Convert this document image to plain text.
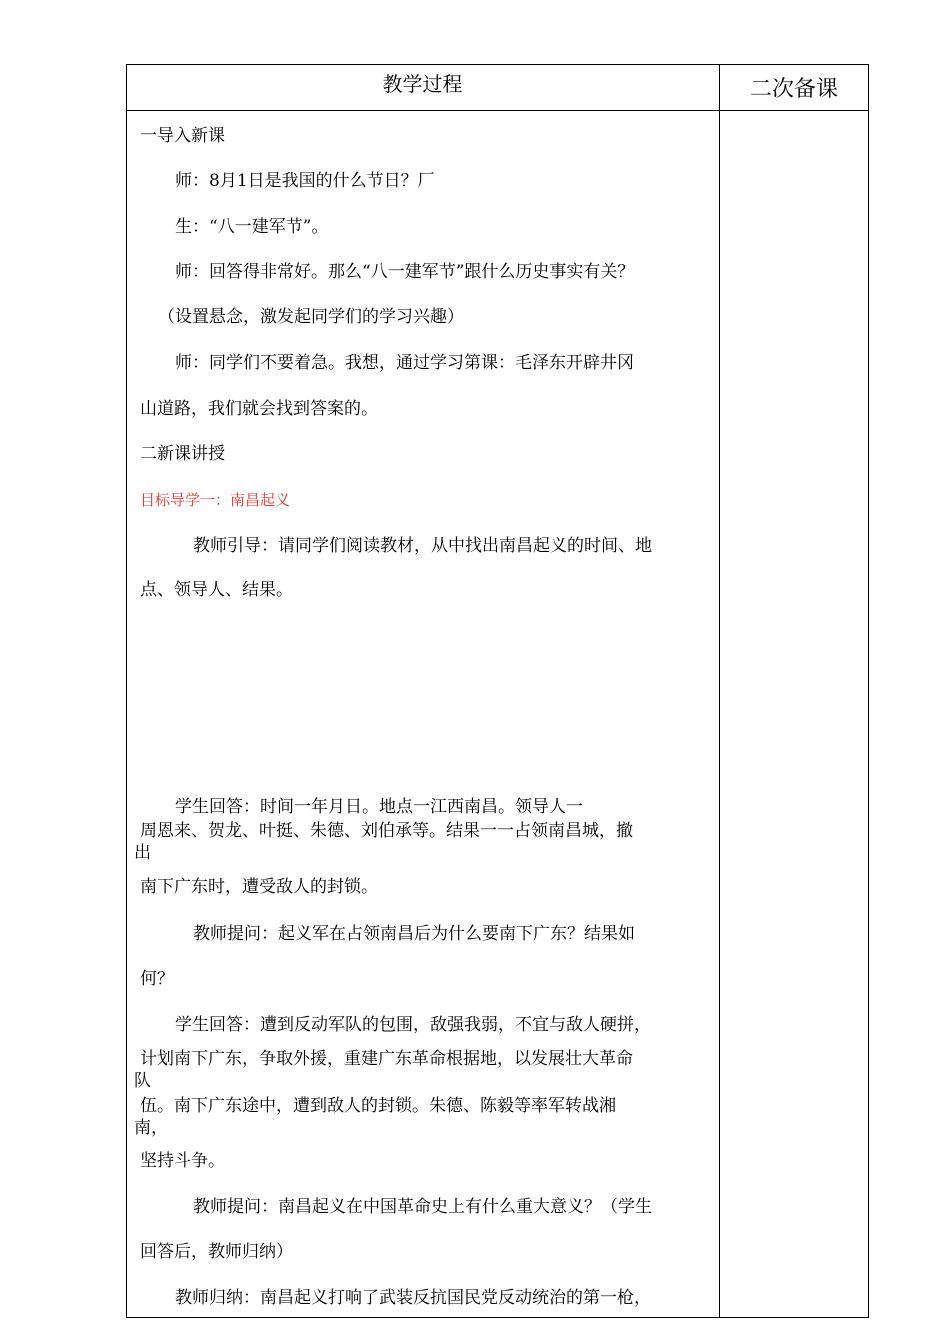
教学过程	二次备课
一导入新课
师：8月1日是我国的什么节日？厂
生：“八一建军节”。
师：回答得非常好。那么“八一建军节”跟什么历史事实有关？
（设置悬念，激发起同学们的学习兴趣）
师：同学们不要着急。我想，通过学习第课：毛泽东开辟井冈
山道路，我们就会找到答案的。
二新课讲授
目标导学一：南昌起义
教师引导：请同学们阅读教材，从中找出南昌起义的时间、地
点、领导人、结果。
学生回答：时间一年月日。地点一江西南昌。领导人一
周恩来、贺龙、叶挺、朱德、刘伯承等。结果一一占领南昌城，撤
出
南下广东时，遭受敌人的封锁。
教师提问：起义军在占领南昌后为什么要南下广东？结果如
何？
学生回答：遭到反动军队的包围，敌强我弱，不宜与敌人硬拼，
计划南下广东，争取外援，重建广东革命根据地，以发展壮大革命
队
伍。南下广东途中，遭到敌人的封锁。朱德、陈毅等率军转战湘
南，
坚持斗争。
教师提问：南昌起义在中国革命史上有什么重大意义？（学生
回答后，教师归纳）
教师归纳：南昌起义打响了武装反抗国民党反动统治的第一枪，
